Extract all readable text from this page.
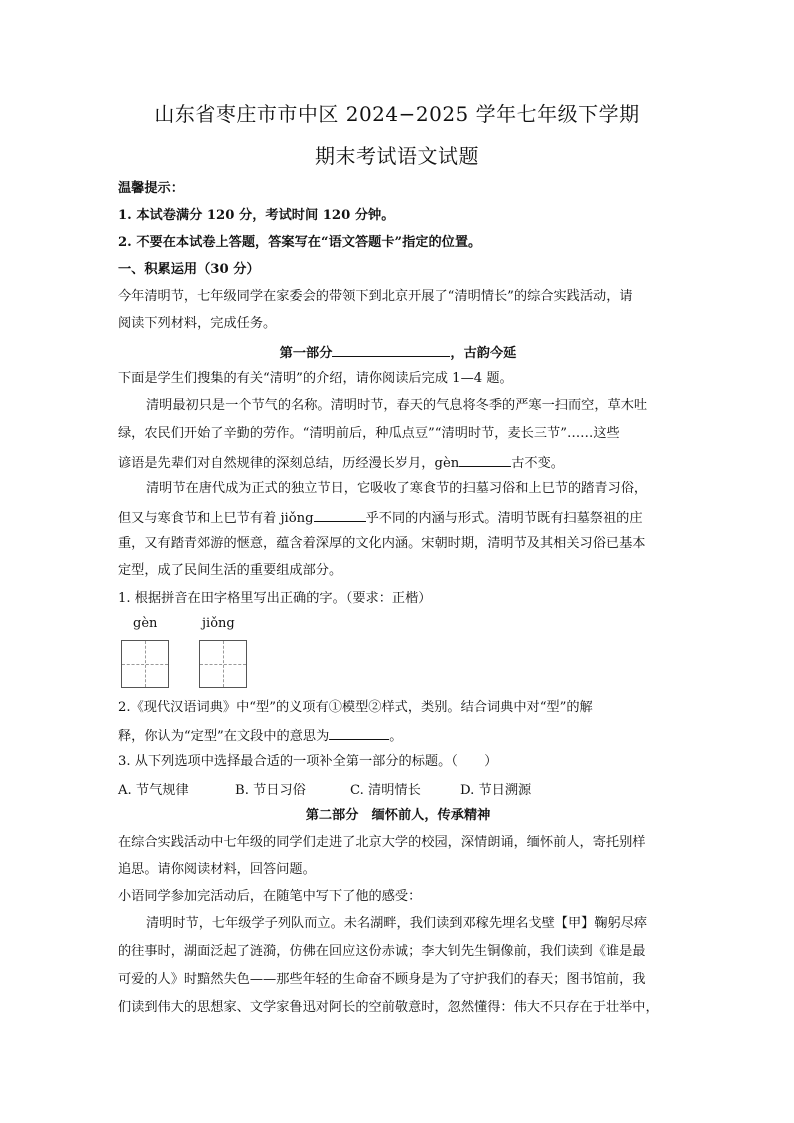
山东省枣庄市市中区 2024−2025 学年七年级下学期
期末考试语文试题
温馨提示：
1. 本试卷满分 120 分，考试时间 120 分钟。
2. 不要在本试卷上答题，答案写在“语文答题卡”指定的位置。
一、积累运用（30 分）
今年清明节，七年级同学在家委会的带领下到北京开展了“清明情长”的综合实践活动，请
阅读下列材料，完成任务。
第一部分	，古韵今延
下面是学生们搜集的有关“清明”的介绍，请你阅读后完成 1—4 题。
清明最初只是一个节气的名称。清明时节，春天的气息将冬季的严寒一扫而空，草木吐
绿，农民们开始了辛勤的劳作。“清明前后，种瓜点豆”“清明时节，麦长三节”……这些
谚语是先辈们对自然规律的深刻总结，历经漫长岁月，gèn	古不变。
清明节在唐代成为正式的独立节日，它吸收了寒食节的扫墓习俗和上巳节的踏青习俗，
但又与寒食节和上巳节有着 jiǒng	乎不同的内涵与形式。清明节既有扫墓祭祖的庄
重，又有踏青郊游的惬意，蕴含着深厚的文化内涵。宋朝时期，清明节及其相关习俗已基本
定型，成了民间生活的重要组成部分。
1. 根据拼音在田字格里写出正确的字。（要求：正楷）
gèn	jiǒng
2.《现代汉语词典》中“型”的义项有①模型②样式，类别。结合词典中对“型”的解
释，你认为“定型”在文段中的意思为	。
3. 从下列选项中选择最合适的一项补全第一部分的标题。（　　）
A. 节气规律	B. 节日习俗	C. 清明情长	D. 节日溯源
第二部分　缅怀前人，传承精神
在综合实践活动中七年级的同学们走进了北京大学的校园，深情朗诵，缅怀前人，寄托别样
追思。请你阅读材料，回答问题。
小语同学参加完活动后，在随笔中写下了他的感受：
清明时节，七年级学子列队而立。未名湖畔，我们读到邓稼先埋名戈壁【甲】鞠躬尽瘁
的往事时，湖面泛起了涟漪，仿佛在回应这份赤诚；李大钊先生铜像前，我们读到《谁是最
可爱的人》时黯然失色——那些年轻的生命奋不顾身是为了守护我们的春天；图书馆前，我
们读到伟大的思想家、文学家鲁迅对阿长的空前敬意时，忽然懂得：伟大不只存在于壮举中，
